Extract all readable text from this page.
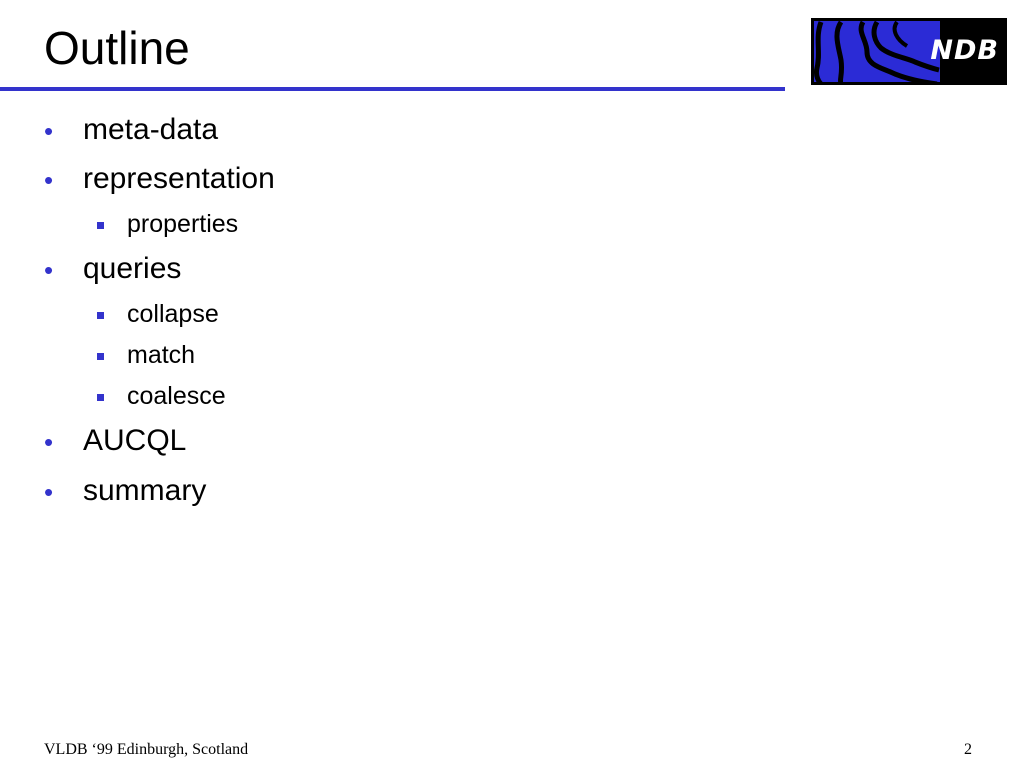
Outline	NDB
• meta-data
• representation
properties
• queries
collapse
match
coalesce
• AUCQL
• summary
VLDB ‘99 Edinburgh, Scotland	2
